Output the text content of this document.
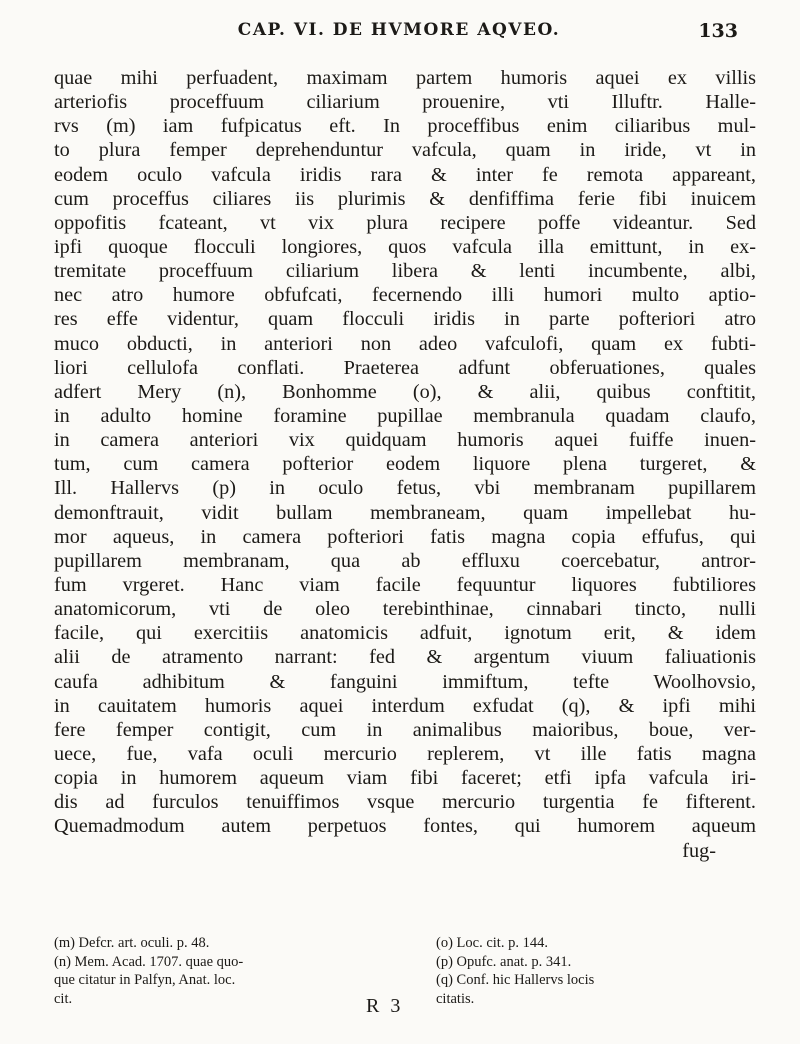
CAP. VI. DE HVMORE AQVEO.	133
quae mihi perfuadent, maximam partem humoris aquei ex villis
arteriofis proceffuum ciliarium prouenire, vti Illuftr. Halle-
rvs (m) iam fufpicatus eft. In proceffibus enim ciliaribus mul-
to plura femper deprehenduntur vafcula, quam in iride, vt in
eodem oculo vafcula iridis rara & inter fe remota appareant,
cum proceffus ciliares iis plurimis & denfiffima ferie fibi inuicem
oppofitis fcateant, vt vix plura recipere poffe videantur. Sed
ipfi quoque flocculi longiores, quos vafcula illa emittunt, in ex-
tremitate proceffuum ciliarium libera & lenti incumbente, albi,
nec atro humore obfufcati, fecernendo illi humori multo aptio-
res effe videntur, quam flocculi iridis in parte pofteriori atro
muco obducti, in anteriori non adeo vafculofi, quam ex fubti-
liori cellulofa conflati. Praeterea adfunt obferuationes, quales
adfert Mery (n), Bonhomme (o), & alii, quibus conftitit,
in adulto homine foramine pupillae membranula quadam claufo,
in camera anteriori vix quidquam humoris aquei fuiffe inuen-
tum, cum camera pofterior eodem liquore plena turgeret, &
Ill. Hallervs (p) in oculo fetus, vbi membranam pupillarem
demonftrauit, vidit bullam membraneam, quam impellebat hu-
mor aqueus, in camera pofteriori fatis magna copia effufus, qui
pupillarem membranam, qua ab effluxu coercebatur, antror-
fum vrgeret. Hanc viam facile fequuntur liquores fubtiliores
anatomicorum, vti de oleo terebinthinae, cinnabari tincto, nulli
facile, qui exercitiis anatomicis adfuit, ignotum erit, & idem
alii de atramento narrant: fed & argentum viuum faliuationis
caufa adhibitum & fanguini immiftum, tefte Woolhovsio,
in cauitatem humoris aquei interdum exfudat (q), & ipfi mihi
fere femper contigit, cum in animalibus maioribus, boue, ver-
uece, fue, vafa oculi mercurio replerem, vt ille fatis magna
copia in humorem aqueum viam fibi faceret; etfi ipfa vafcula iri-
dis ad furculos tenuiffimos vsque mercurio turgentia fe fifterent.
Quemadmodum autem perpetuos fontes, qui humorem aqueum
fug-
(m) Defcr. art. oculi. p. 48.
(n) Mem. Acad. 1707. quae quo-
que citatur in Palfyn, Anat. loc.
cit.
(o) Loc. cit. p. 144.
(p) Opufc. anat. p. 341.
(q) Conf. hic Hallervs locis
citatis.
R 3
